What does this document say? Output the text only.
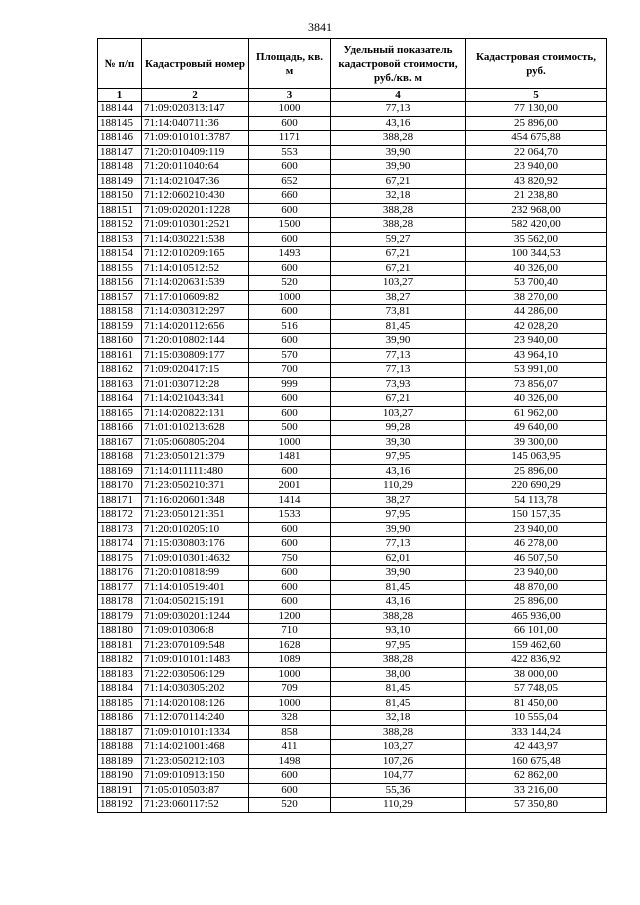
3841
№ п/п	Кадастровый номер	Площадь, кв. м	Удельный показатель кадастровой стоимости, руб./кв. м	Кадастровая стоимость, руб.
1	2	3	4	5
188144	71:09:020313:147	1000	77,13	77 130,00
188145	71:14:040711:36	600	43,16	25 896,00
188146	71:09:010101:3787	1171	388,28	454 675,88
188147	71:20:010409:119	553	39,90	22 064,70
188148	71:20:011040:64	600	39,90	23 940,00
188149	71:14:021047:36	652	67,21	43 820,92
188150	71:12:060210:430	660	32,18	21 238,80
188151	71:09:020201:1228	600	388,28	232 968,00
188152	71:09:010301:2521	1500	388,28	582 420,00
188153	71:14:030221:538	600	59,27	35 562,00
188154	71:12:010209:165	1493	67,21	100 344,53
188155	71:14:010512:52	600	67,21	40 326,00
188156	71:14:020631:539	520	103,27	53 700,40
188157	71:17:010609:82	1000	38,27	38 270,00
188158	71:14:030312:297	600	73,81	44 286,00
188159	71:14:020112:656	516	81,45	42 028,20
188160	71:20:010802:144	600	39,90	23 940,00
188161	71:15:030809:177	570	77,13	43 964,10
188162	71:09:020417:15	700	77,13	53 991,00
188163	71:01:030712:28	999	73,93	73 856,07
188164	71:14:021043:341	600	67,21	40 326,00
188165	71:14:020822:131	600	103,27	61 962,00
188166	71:01:010213:628	500	99,28	49 640,00
188167	71:05:060805:204	1000	39,30	39 300,00
188168	71:23:050121:379	1481	97,95	145 063,95
188169	71:14:011111:480	600	43,16	25 896,00
188170	71:23:050210:371	2001	110,29	220 690,29
188171	71:16:020601:348	1414	38,27	54 113,78
188172	71:23:050121:351	1533	97,95	150 157,35
188173	71:20:010205:10	600	39,90	23 940,00
188174	71:15:030803:176	600	77,13	46 278,00
188175	71:09:010301:4632	750	62,01	46 507,50
188176	71:20:010818:99	600	39,90	23 940,00
188177	71:14:010519:401	600	81,45	48 870,00
188178	71:04:050215:191	600	43,16	25 896,00
188179	71:09:030201:1244	1200	388,28	465 936,00
188180	71:09:010306:8	710	93,10	66 101,00
188181	71:23:070109:548	1628	97,95	159 462,60
188182	71:09:010101:1483	1089	388,28	422 836,92
188183	71:22:030506:129	1000	38,00	38 000,00
188184	71:14:030305:202	709	81,45	57 748,05
188185	71:14:020108:126	1000	81,45	81 450,00
188186	71:12:070114:240	328	32,18	10 555,04
188187	71:09:010101:1334	858	388,28	333 144,24
188188	71:14:021001:468	411	103,27	42 443,97
188189	71:23:050212:103	1498	107,26	160 675,48
188190	71:09:010913:150	600	104,77	62 862,00
188191	71:05:010503:87	600	55,36	33 216,00
188192	71:23:060117:52	520	110,29	57 350,80
